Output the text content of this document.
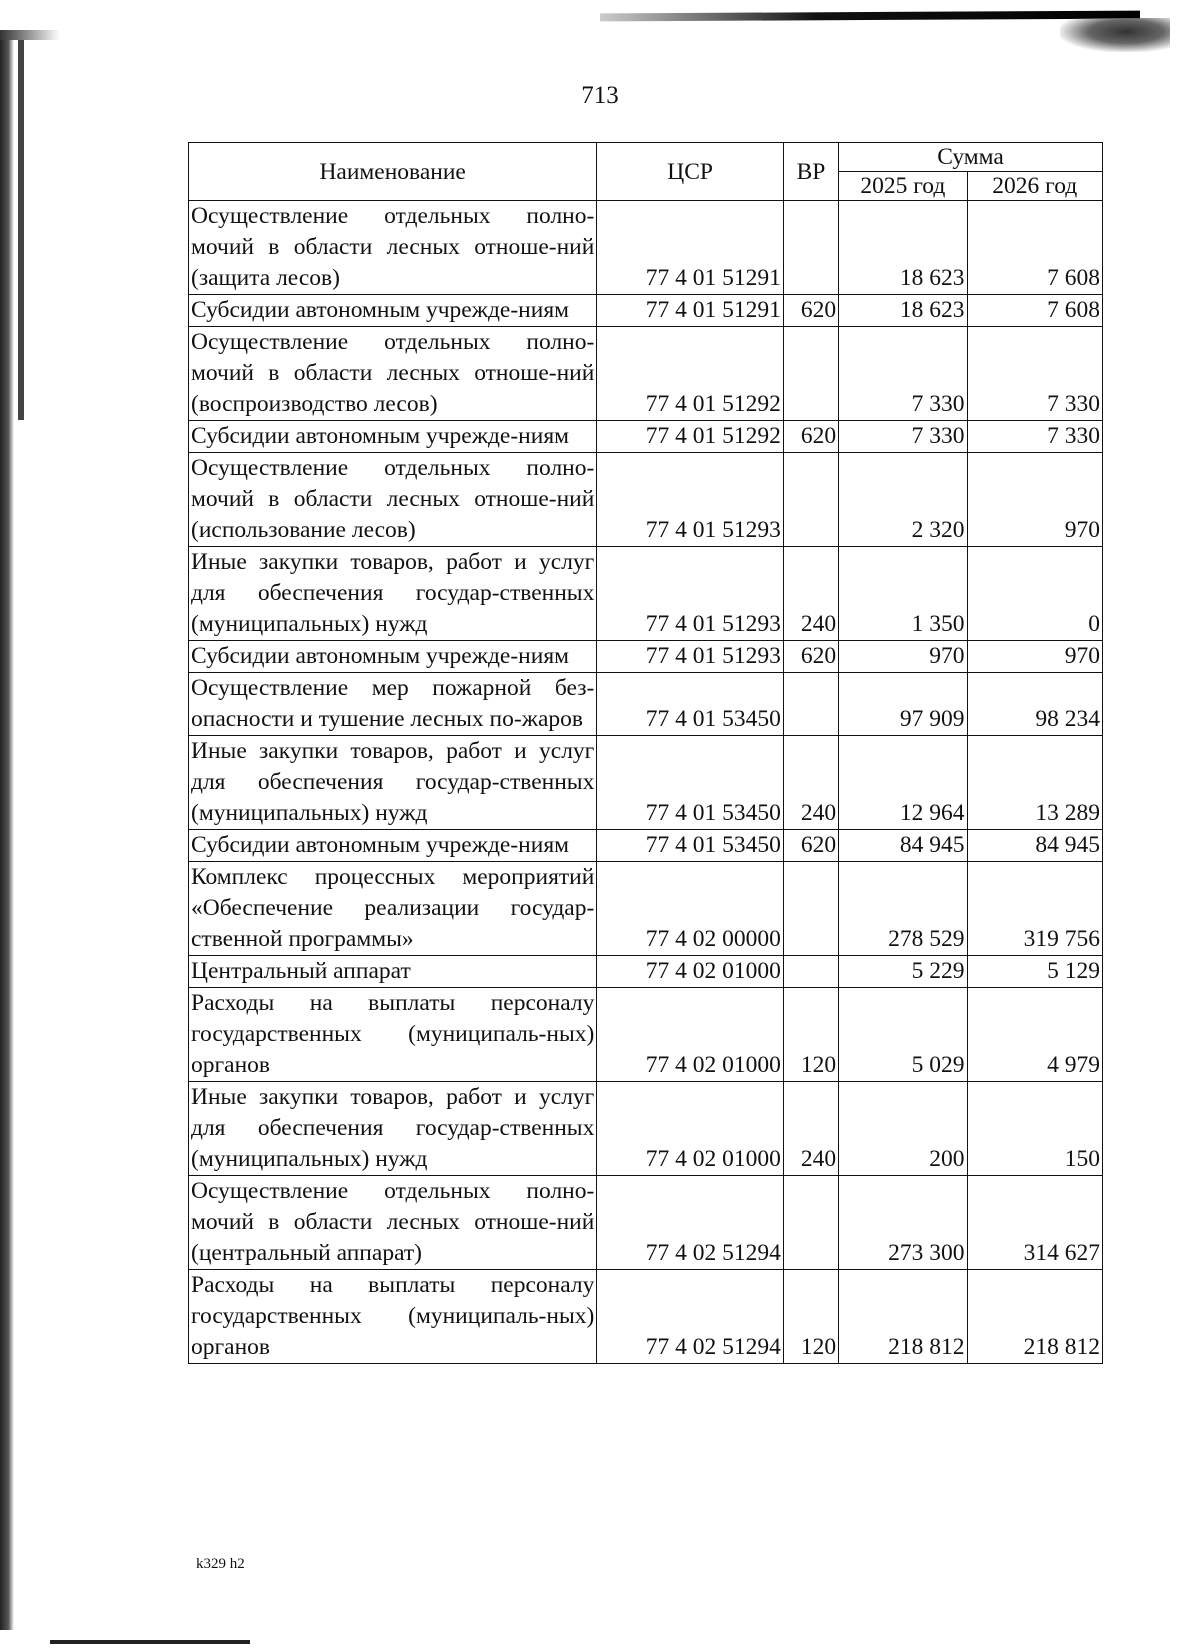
713
Наименование	ЦСР	ВР	Сумма	
			2025 год	2026 год
Осуществление отдельных полно-мочий в области лесных отноше-ний (защита лесов)	77 4 01 51291		18 623	7 608
Субсидии автономным учрежде-ниям	77 4 01 51291	620	18 623	7 608
Осуществление отдельных полно-мочий в области лесных отноше-ний (воспроизводство лесов)	77 4 01 51292		7 330	7 330
Субсидии автономным учрежде-ниям	77 4 01 51292	620	7 330	7 330
Осуществление отдельных полно-мочий в области лесных отноше-ний (использование лесов)	77 4 01 51293		2 320	970
Иные закупки товаров, работ и услуг для обеспечения государ-ственных (муниципальных) нужд	77 4 01 51293	240	1 350	0
Субсидии автономным учрежде-ниям	77 4 01 51293	620	970	970
Осуществление мер пожарной без-опасности и тушение лесных по-жаров	77 4 01 53450		97 909	98 234
Иные закупки товаров, работ и услуг для обеспечения государ-ственных (муниципальных) нужд	77 4 01 53450	240	12 964	13 289
Субсидии автономным учрежде-ниям	77 4 01 53450	620	84 945	84 945
Комплекс процессных мероприятий «Обеспечение реализации государ-ственной программы»	77 4 02 00000		278 529	319 756
Центральный аппарат	77 4 02 01000		5 229	5 129
Расходы на выплаты персоналу государственных (муниципаль-ных) органов	77 4 02 01000	120	5 029	4 979
Иные закупки товаров, работ и услуг для обеспечения государ-ственных (муниципальных) нужд	77 4 02 01000	240	200	150
Осуществление отдельных полно-мочий в области лесных отноше-ний (центральный аппарат)	77 4 02 51294		273 300	314 627
Расходы на выплаты персоналу государственных (муниципаль-ных) органов	77 4 02 51294	120	218 812	218 812
k329 h2
